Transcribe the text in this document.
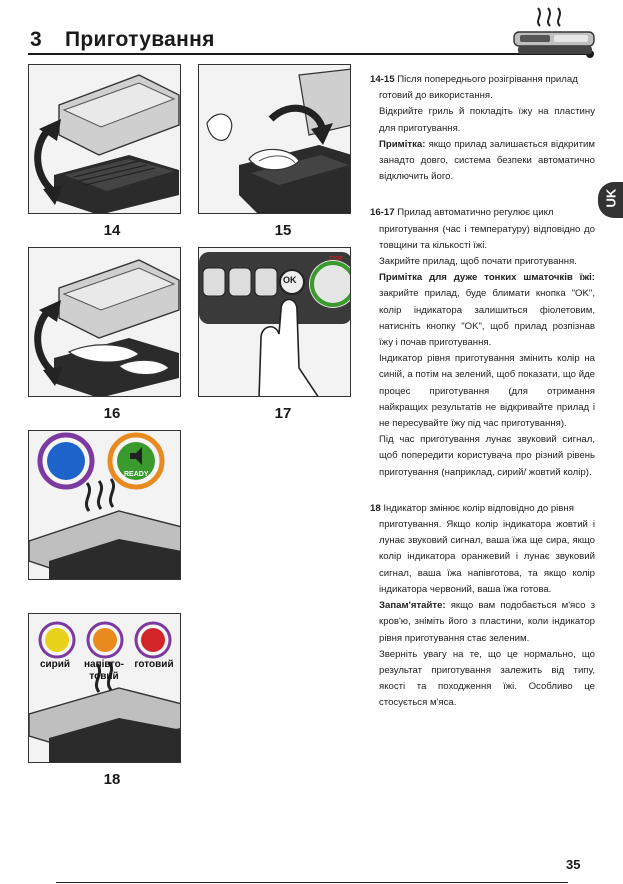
3 Приготування
14	15
16
OK
STOP
17
READY
сирий	напівго-
товий
готовий
18
14-15 Після попереднього розігрівання прилад
готовий до використання.
Відкрийте гриль й покладіть їжу на пластину для приготування.
Примітка: якщо прилад залишається відкритим занадто довго, система безпеки автоматично відключить його.
16-17 Прилад автоматично регулює цикл
приготування (час і температуру) відповідно до товщини та кількості їжі.
Закрийте прилад, щоб почати приготування.
Примітка для дуже тонких шматочків їжі: закрийте прилад, буде блимати кнопка "OK", колір індикатора залишиться фіолетовим, натисніть кнопку "OK", щоб прилад розпізнав їжу і почав приготування.
Індикатор рівня приготування змінить колір на синій, а потім на зелений, щоб показати, що йде процес приготування (для отримання найкращих результатів не відкривайте прилад і не пересувайте їжу під час приготування).
Під час приготування лунає звуковий сигнал, щоб попередити користувача про різний рівень приготування (наприклад, сирий/ жовтий колір).
18 Індикатор змінює колір відповідно до рівня
приготування. Якщо колір індикатора жовтий і лунає звуковий сигнал, ваша їжа ще сира, якщо колір індикатора оранжевий і лунає звуковий сигнал, ваша їжа напівготова, та якщо колір індикатора червоний, ваша їжа готова.
Запам'ятайте: якщо вам подобається м'ясо з кров'ю, зніміть його з пластини, коли індикатор рівня приготування стає зеленим.
Зверніть увагу на те, що це нормально, що результат приготування залежить від типу, якості та походження їжі. Особливо це стосується м'яса.
UK
35
